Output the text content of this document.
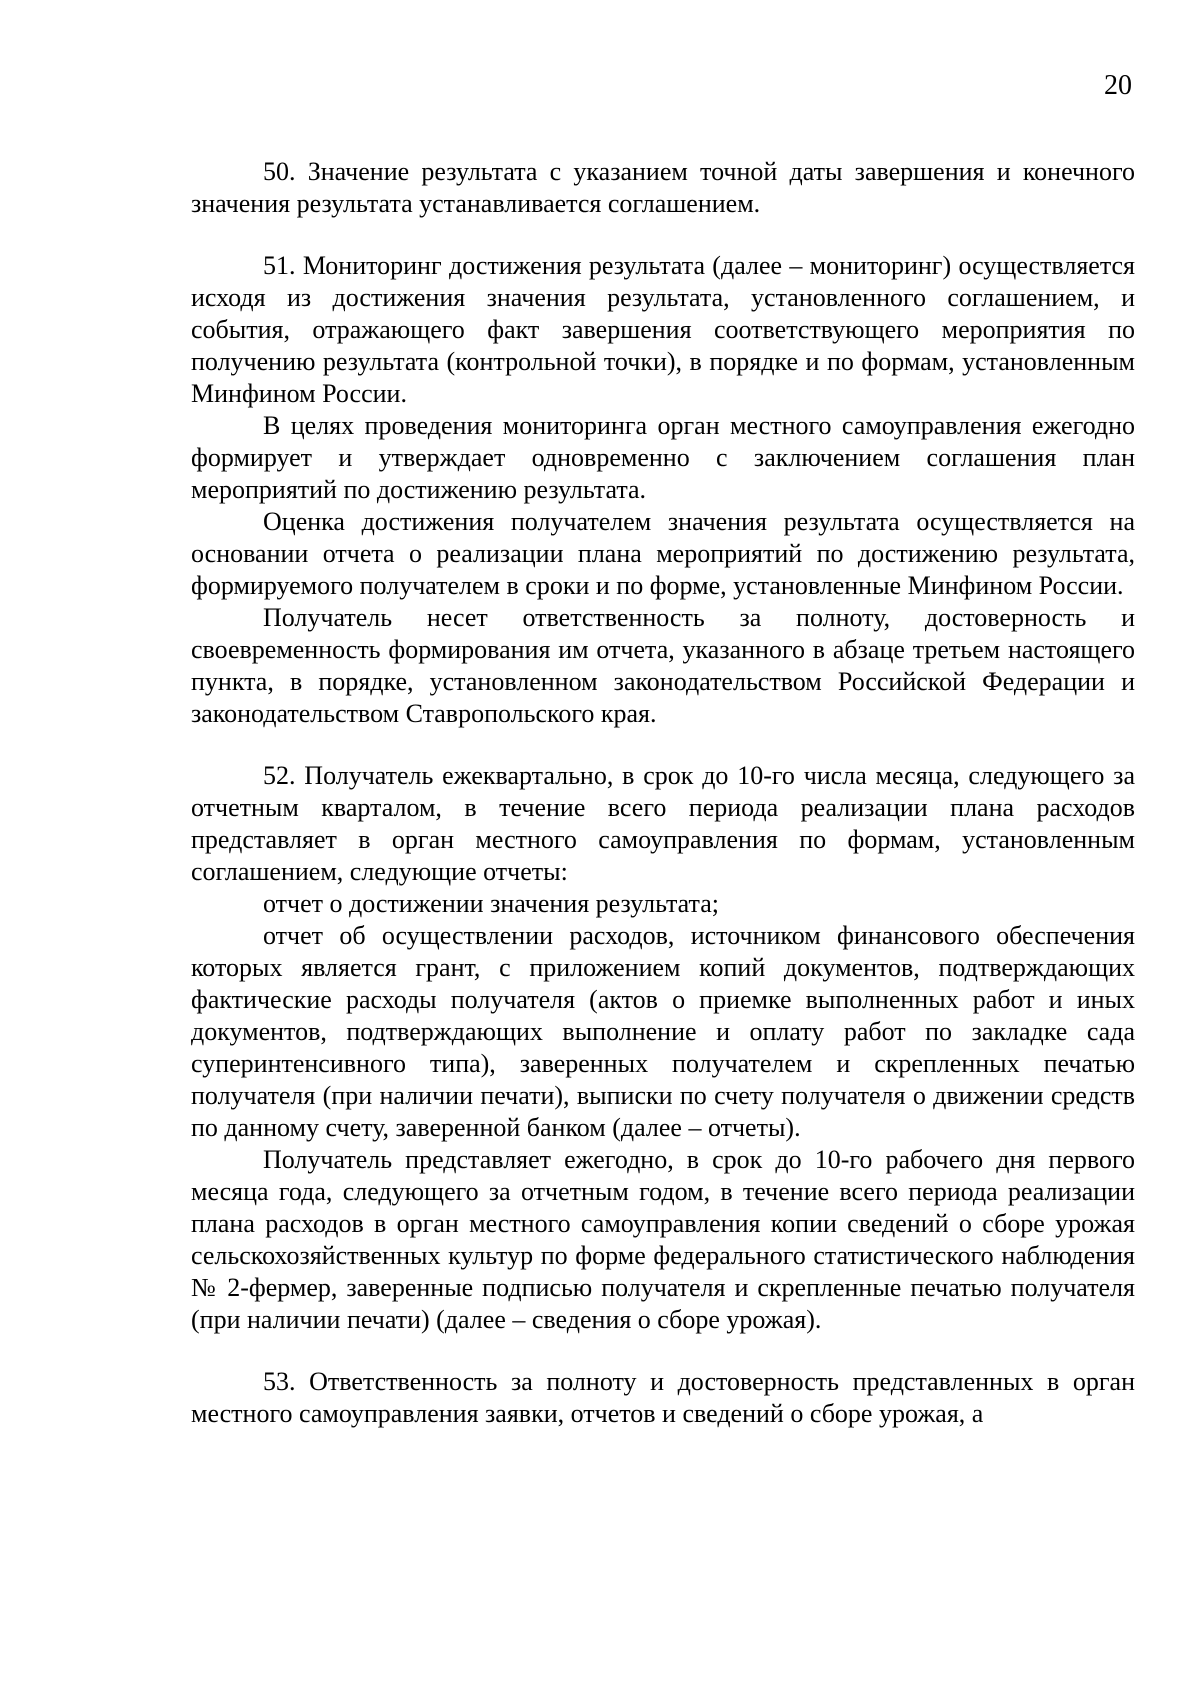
20

50. Значение результата с указанием точной даты завершения и конечного значения результата устанавливается соглашением.

51. Мониторинг достижения результата (далее – мониторинг) осуществляется исходя из достижения значения результата, установленного соглашением, и события, отражающего факт завершения соответствующего мероприятия по получению результата (контрольной точки), в порядке и по формам, установленным Минфином России.

В целях проведения мониторинга орган местного самоуправления ежегодно формирует и утверждает одновременно с заключением соглашения план мероприятий по достижению результата.

Оценка достижения получателем значения результата осуществляется на основании отчета о реализации плана мероприятий по достижению результата, формируемого получателем в сроки и по форме, установленные Минфином России.

Получатель несет ответственность за полноту, достоверность и своевременность формирования им отчета, указанного в абзаце третьем настоящего пункта, в порядке, установленном законодательством Российской Федерации и законодательством Ставропольского края.

52. Получатель ежеквартально, в срок до 10-го числа месяца, следующего за отчетным кварталом, в течение всего периода реализации плана расходов представляет в орган местного самоуправления по формам, установленным соглашением, следующие отчеты:

отчет о достижении значения результата;

отчет об осуществлении расходов, источником финансового обеспечения которых является грант, с приложением копий документов, подтверждающих фактические расходы получателя (актов о приемке выполненных работ и иных документов, подтверждающих выполнение и оплату работ по закладке сада суперинтенсивного типа), заверенных получателем и скрепленных печатью получателя (при наличии печати), выписки по счету получателя о движении средств по данному счету, заверенной банком (далее – отчеты).

Получатель представляет ежегодно, в срок до 10-го рабочего дня первого месяца года, следующего за отчетным годом, в течение всего периода реализации плана расходов в орган местного самоуправления копии сведений о сборе урожая сельскохозяйственных культур по форме федерального статистического наблюдения № 2-фермер, заверенные подписью получателя и скрепленные печатью получателя (при наличии печати) (далее – сведения о сборе урожая).

53. Ответственность за полноту и достоверность представленных в орган местного самоуправления заявки, отчетов и сведений о сборе урожая, а
